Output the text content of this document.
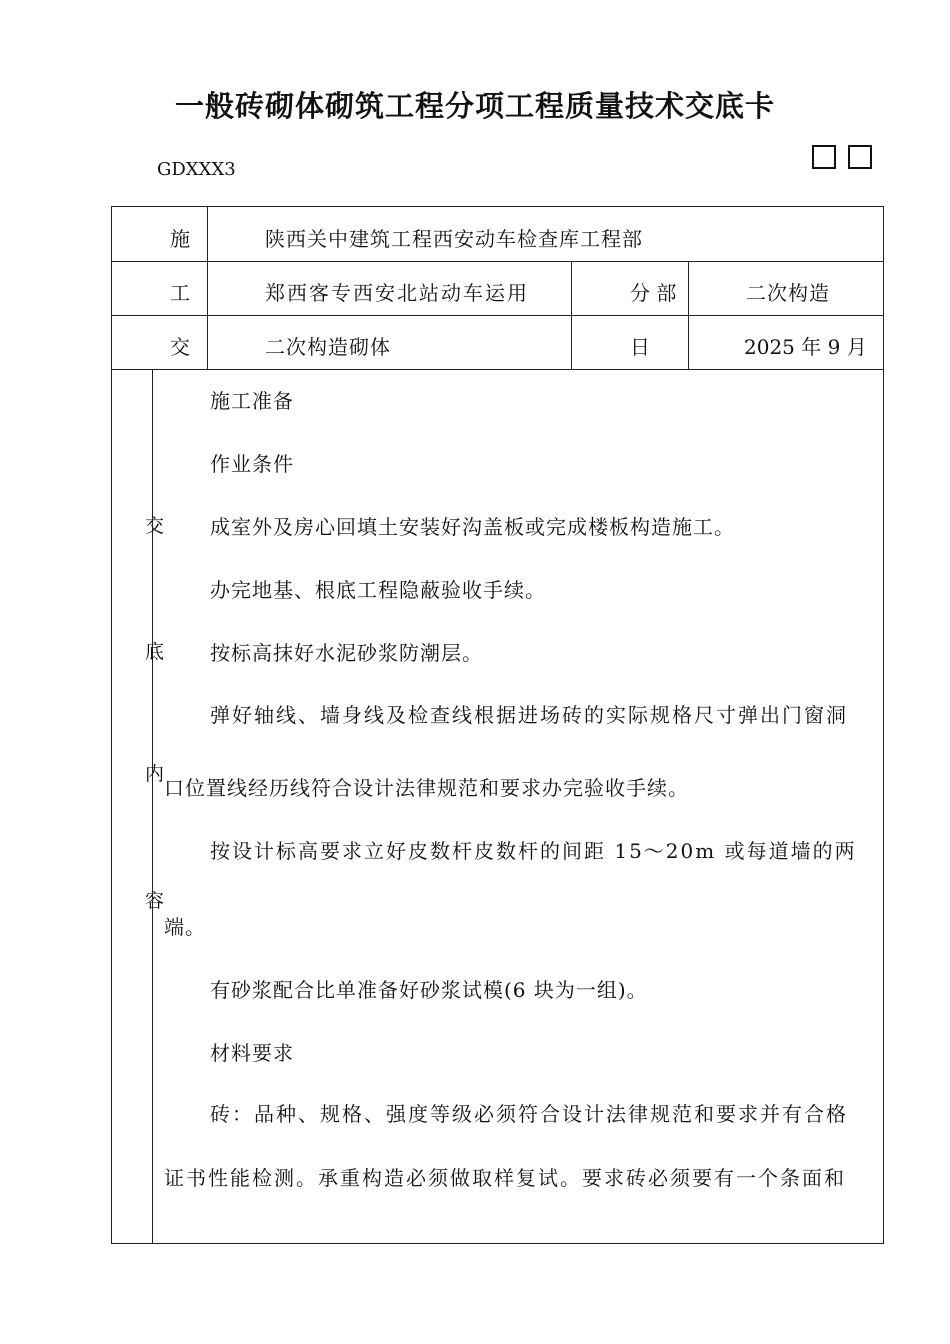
一般砖砌体砌筑工程分项工程质量技术交底卡
GDXXX3
施	陕西关中建筑工程西安动车检查库工程部
工	郑西客专西安北站动车运用	分 部	二次构造
交	二次构造砌体	日	2025 年 9 月
交
底
内
容
施工准备
作业条件
成室外及房心回填土安装好沟盖板或完成楼板构造施工。
办完地基、根底工程隐蔽验收手续。
按标高抹好水泥砂浆防潮层。
弹好轴线、墙身线及检查线根据进场砖的实际规格尺寸弹出门窗洞
口位置线经历线符合设计法律规范和要求办完验收手续。
按设计标高要求立好皮数杆皮数杆的间距 15～20m 或每道墙的两
端。
有砂浆配合比单准备好砂浆试模(6 块为一组)。
材料要求
砖：品种、规格、强度等级必须符合设计法律规范和要求并有合格
证书性能检测。承重构造必须做取样复试。要求砖必须要有一个条面和
